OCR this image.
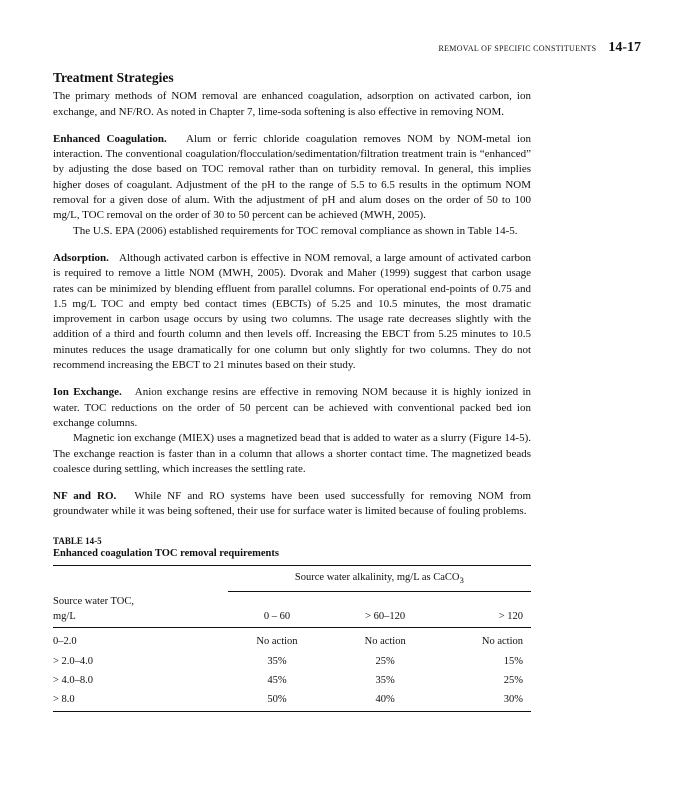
REMOVAL OF SPECIFIC CONSTITUENTS 14-17
Treatment Strategies

The primary methods of NOM removal are enhanced coagulation, adsorption on activated carbon, ion exchange, and NF/RO. As noted in Chapter 7, lime-soda softening is also effective in removing NOM.

Enhanced Coagulation. Alum or ferric chloride coagulation removes NOM by NOM-metal ion interaction. The conventional coagulation/flocculation/sedimentation/filtration treatment train is “enhanced” by adjusting the dose based on TOC removal rather than on turbidity removal. In general, this implies higher doses of coagulant. Adjustment of the pH to the range of 5.5 to 6.5 results in the optimum NOM removal for a given dose of alum. With the adjustment of pH and alum doses on the order of 50 to 100 mg/L, TOC removal on the order of 30 to 50 percent can be achieved (MWH, 2005).

The U.S. EPA (2006) established requirements for TOC removal compliance as shown in Table 14-5.

Adsorption. Although activated carbon is effective in NOM removal, a large amount of activated carbon is required to remove a little NOM (MWH, 2005). Dvorak and Maher (1999) suggest that carbon usage rates can be minimized by blending effluent from parallel columns. For operational end-points of 0.75 and 1.5 mg/L TOC and empty bed contact times (EBCTs) of 5.25 and 10.5 minutes, the most dramatic improvement in carbon usage occurs by using two columns. The usage rate decreases slightly with the addition of a third and fourth column and then levels off. Increasing the EBCT from 5.25 minutes to 10.5 minutes reduces the usage dramatically for one column but only slightly for two columns. They do not recommend increasing the EBCT to 21 minutes based on their study.

Ion Exchange. Anion exchange resins are effective in removing NOM because it is highly ionized in water. TOC reductions on the order of 50 percent can be achieved with conventional packed bed ion exchange columns.

Magnetic ion exchange (MIEX) uses a magnetized bead that is added to water as a slurry (Figure 14-5). The exchange reaction is faster than in a column that allows a shorter contact time. The magnetized beads coalesce during settling, which increases the settling rate.

NF and RO. While NF and RO systems have been used successfully for removing NOM from groundwater while it was being softened, their use for surface water is limited because of fouling problems.

TABLE 14-5
Enhanced coagulation TOC removal requirements

	Source water alkalinity, mg/L as CaCO$_3$
Source water TOC,
mg/L	0 – 60	> 60–120	> 120
0–2.0	No action	No action	No action
> 2.0–4.0	35%	25%	15%
> 4.0–8.0	45%	35%	25%
> 8.0	50%	40%	30%
